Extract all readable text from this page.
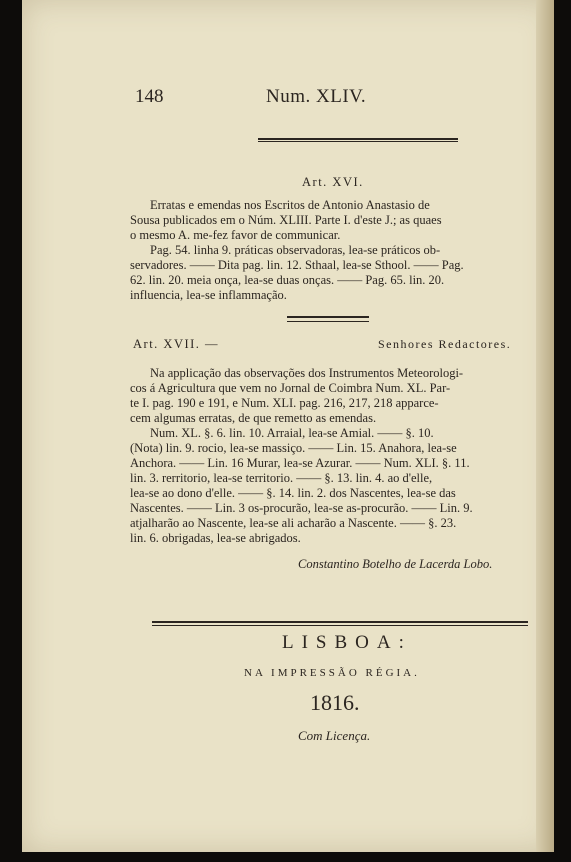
148	Num. XLIV.
Art. XVI.
Erratas e emendas nos Escritos de Antonio Anastasio de
Sousa publicados em o Núm. XLIII. Parte I. d'este J.; as quaes
o mesmo A. me-fez favor de communicar.
Pag. 54. linha 9. práticas observadoras, lea-se práticos ob-
servadores. —— Dita pag. lin. 12. Sthaal, lea-se Sthool. —— Pag.
62. lin. 20. meia onça, lea-se duas onças. —— Pag. 65. lin. 20.
influencia, lea-se inflammação.
Art. XVII. —	Senhores Redactores.
Na applicação das observações dos Instrumentos Meteorologi-
cos á Agricultura que vem no Jornal de Coimbra Num. XL. Par-
te I. pag. 190 e 191, e Num. XLI. pag. 216, 217, 218 apparce-
cem algumas erratas, de que remetto as emendas.
Num. XL. §. 6. lin. 10. Arraial, lea-se Amial. —— §. 10.
(Nota) lin. 9. rocio, lea-se massiço. —— Lin. 15. Anahora, lea-se
Anchora. —— Lin. 16 Murar, lea-se Azurar. —— Num. XLI. §. 11.
lin. 3. rerritorio, lea-se territorio. —— §. 13. lin. 4. ao d'elle,
lea-se ao dono d'elle. —— §. 14. lin. 2. dos Nascentes, lea-se das
Nascentes. —— Lin. 3 os-procurão, lea-se as-procurão. —— Lin. 9.
atjalharão ao Nascente, lea-se ali acharão a Nascente. —— §. 23.
lin. 6. obrigadas, lea-se abrigados.
Constantino Botelho de Lacerda Lobo.
LISBOA:
NA IMPRESSÃO RÉGIA.
1816.
Com Licença.
